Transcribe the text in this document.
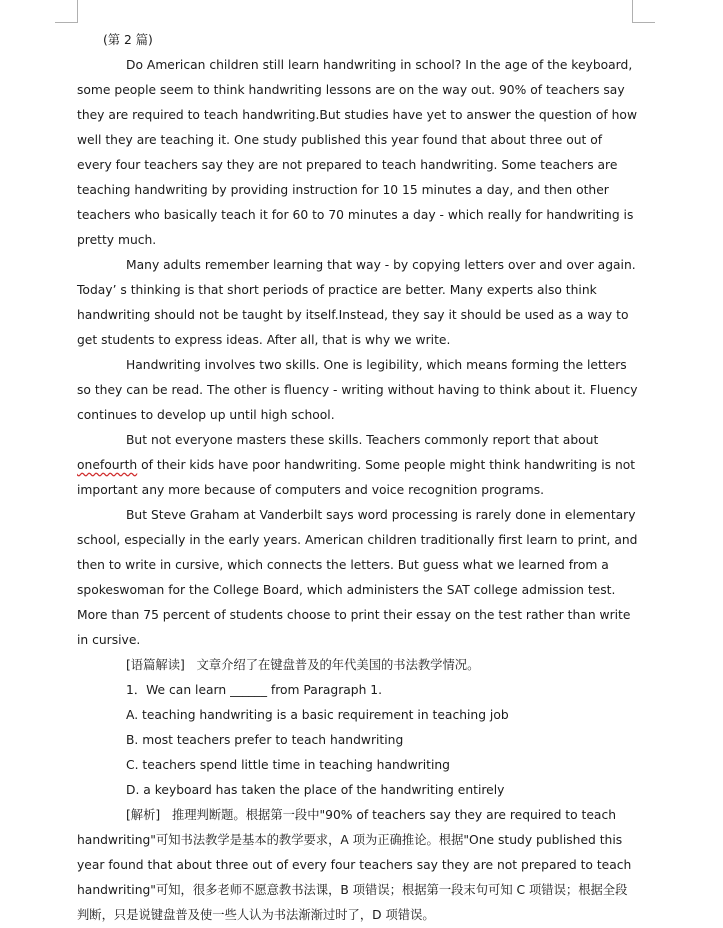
(第 2 篇)

Do American children still learn handwriting in school? In the age of the keyboard, some people seem to think handwriting lessons are on the way out. 90% of teachers say they are required to teach handwriting.But studies have yet to answer the question of how well they are teaching it. One study published this year found that about three out of every four teachers say they are not prepared to teach handwriting. Some teachers are teaching handwriting by providing instruction for 10 15 minutes a day, and then other teachers who basically teach it for 60 to 70 minutes a day - which really for handwriting is pretty much.

Many adults remember learning that way - by copying letters over and over again. Today’ s thinking is that short periods of practice are better. Many experts also think handwriting should not be taught by itself.Instead, they say it should be used as a way to get students to express ideas. After all, that is why we write.

Handwriting involves two skills. One is legibility, which means forming the letters so they can be read. The other is fluency - writing without having to think about it. Fluency continues to develop up until high school.

But not everyone masters these skills. Teachers commonly report that about onefourth of their kids have poor handwriting. Some people might think handwriting is not important any more because of computers and voice recognition programs.

But Steve Graham at Vanderbilt says word processing is rarely done in elementary school, especially in the early years. American children traditionally first learn to print, and then to write in cursive, which connects the letters. But guess what we learned from a spokeswoman for the College Board, which administers the SAT college admission test. More than 75 percent of students choose to print their essay on the test rather than write in cursive.

[语篇解读] 文章介绍了在键盘普及的年代美国的书法教学情况。

1．We can learn ______ from Paragraph 1.

A. teaching handwriting is a basic requirement in teaching job

B. most teachers prefer to teach handwriting

C. teachers spend little time in teaching handwriting

D. a keyboard has taken the place of the handwriting entirely

[解析] 推理判断题。根据第一段中"90% of teachers say they are required to teach handwriting"可知书法教学是基本的教学要求，A 项为正确推论。根据"One study published this year found that about three out of every four teachers say they are not prepared to teach handwriting"可知，很多老师不愿意教书法课，B 项错误；根据第一段末句可知 C 项错误；根据全段判断，只是说键盘普及使一些人认为书法渐渐过时了，D 项错误。
